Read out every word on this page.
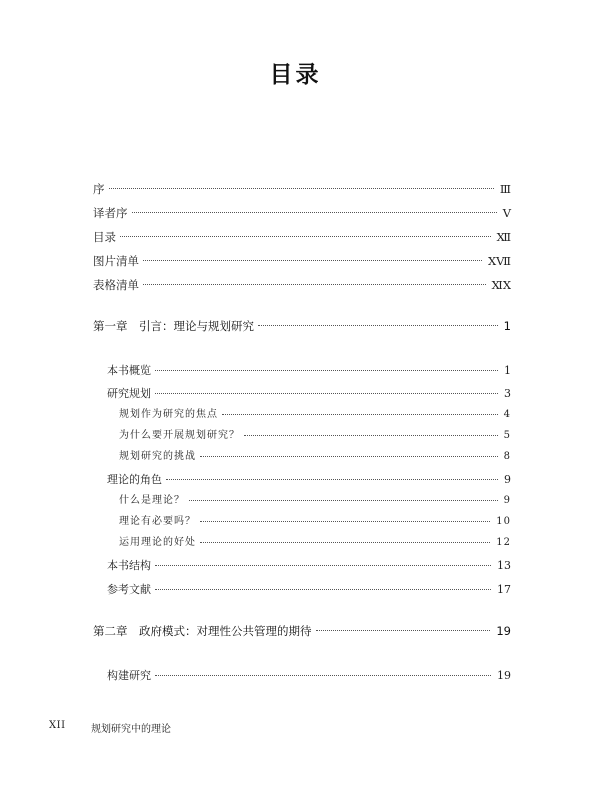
目录
序	Ⅲ
译者序	Ⅴ
目录	Ⅻ
图片清单	ⅩⅦ
表格清单	ⅪⅩ
第一章　引言：理论与规划研究	1
本书概览	1
研究规划	3
规划作为研究的焦点	4
为什么要开展规划研究？	5
规划研究的挑战	8
理论的角色	9
什么是理论？	9
理论有必要吗？	10
运用理论的好处	12
本书结构	13
参考文献	17
第二章　政府模式：对理性公共管理的期待	19
构建研究	19
XII	规划研究中的理论
